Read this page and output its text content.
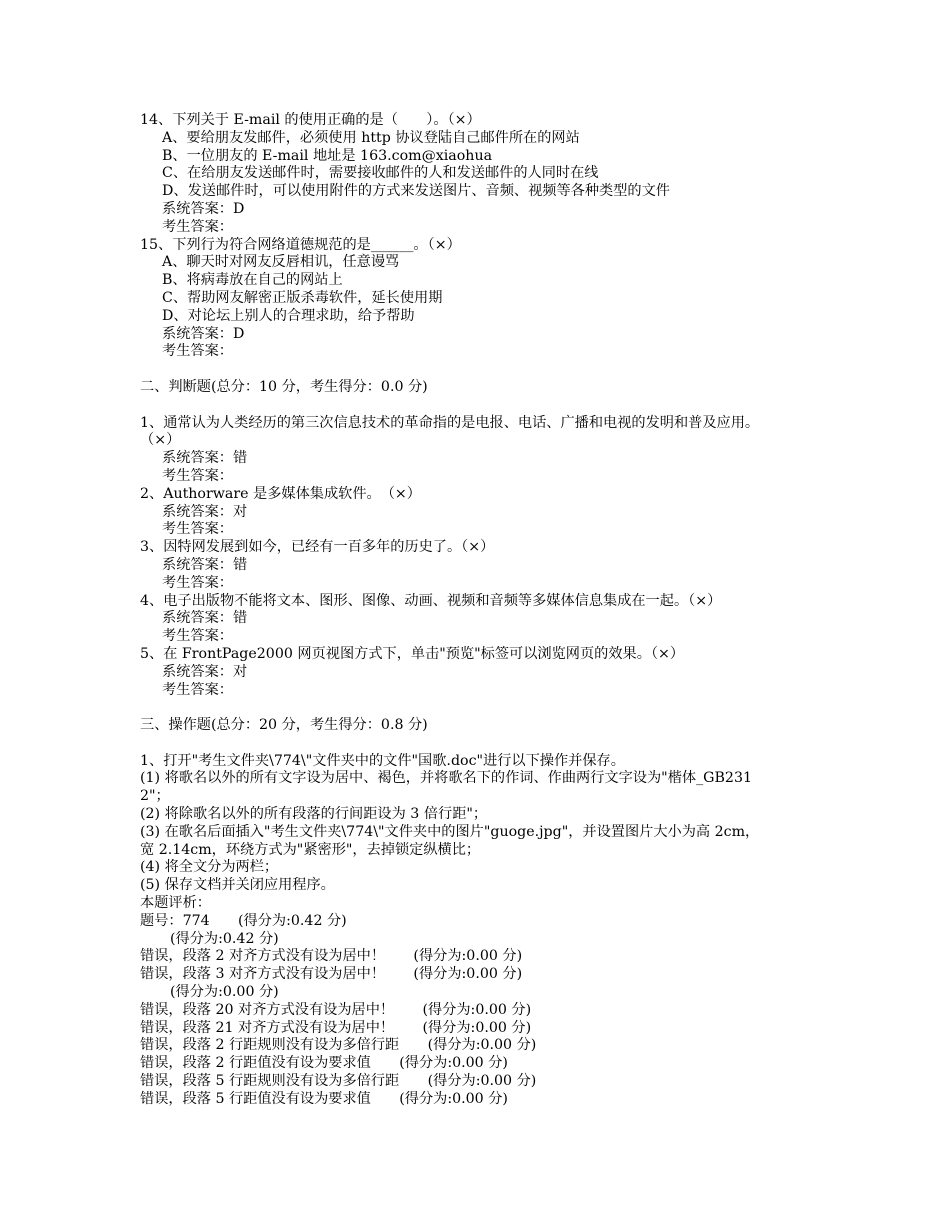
14、下列关于 E-mail 的使用正确的是（　　）。（×）

A、要给朋友发邮件，必须使用 http 协议登陆自己邮件所在的网站

B、一位朋友的 E-mail 地址是 163.com@xiaohua

C、在给朋友发送邮件时，需要接收邮件的人和发送邮件的人同时在线

D、发送邮件时，可以使用附件的方式来发送图片、音频、视频等各种类型的文件

系统答案：D

考生答案：

15、下列行为符合网络道德规范的是______。（×）

A、聊天时对网友反唇相讥，任意谩骂

B、将病毒放在自己的网站上

C、帮助网友解密正版杀毒软件，延长使用期

D、对论坛上别人的合理求助，给予帮助

系统答案：D

考生答案：

二、判断题(总分：10 分，考生得分：0.0 分)

1、通常认为人类经历的第三次信息技术的革命指的是电报、电话、广播和电视的发明和普及应用。

（×）

系统答案：错

考生答案：

2、Authorware 是多媒体集成软件。　（×）

系统答案：对

考生答案：

3、因特网发展到如今，已经有一百多年的历史了。（×）

系统答案：错

考生答案：

4、电子出版物不能将文本、图形、图像、动画、视频和音频等多媒体信息集成在一起。（×）

系统答案：错

考生答案：

5、在 FrontPage2000 网页视图方式下，单击"预览"标签可以浏览网页的效果。（×）

系统答案：对

考生答案：

三、操作题(总分：20 分，考生得分：0.8 分)

1、打开"考生文件夹\774\"文件夹中的文件"国歌.doc"进行以下操作并保存。

(1) 将歌名以外的所有文字设为居中、褐色，并将歌名下的作词、作曲两行文字设为"楷体_GB231

2"；

(2) 将除歌名以外的所有段落的行间距设为 3 倍行距"；

(3) 在歌名后面插入"考生文件夹\774\"文件夹中的图片"guoge.jpg"，并设置图片大小为高 2cm，

宽 2.14cm，环绕方式为"紧密形"，去掉锁定纵横比；

(4) 将全文分为两栏；

(5) 保存文档并关闭应用程序。

本题评析：

题号：774　　(得分为:0.42 分)

(得分为:0.42 分)

错误，段落 2 对齐方式没有设为居中！　　(得分为:0.00 分)

错误，段落 3 对齐方式没有设为居中！　　(得分为:0.00 分)

(得分为:0.00 分)

错误，段落 20 对齐方式没有设为居中！　　(得分为:0.00 分)

错误，段落 21 对齐方式没有设为居中！　　(得分为:0.00 分)

错误，段落 2 行距规则没有设为多倍行距　　(得分为:0.00 分)

错误，段落 2 行距值没有设为要求值　　(得分为:0.00 分)

错误，段落 5 行距规则没有设为多倍行距　　(得分为:0.00 分)

错误，段落 5 行距值没有设为要求值　　(得分为:0.00 分)
